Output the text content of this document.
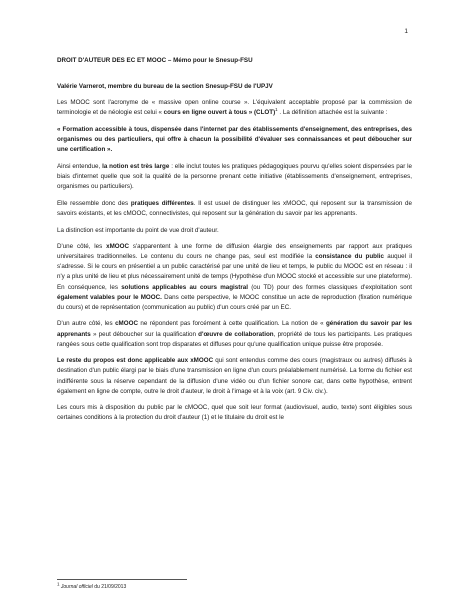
1

DROIT D'AUTEUR DES EC ET MOOC – Mémo pour le Snesup-FSU

Valérie Varnerot, membre du bureau de la section Snesup-FSU de l'UPJV

Les MOOC sont l'acronyme de « massive open online course ». L'équivalent acceptable proposé par la commission de terminologie et de néologie est celui « cours en ligne ouvert à tous » (CLOT)$^1$ . La définition attachée est la suivante :

« Formation accessible à tous, dispensée dans l'internet par des établissements d'enseignement, des entreprises, des organismes ou des particuliers, qui offre à chacun la possibilité d'évaluer ses connaissances et peut déboucher sur une certification ».

Ainsi entendue, la notion est très large : elle inclut toutes les pratiques pédagogiques pourvu qu'elles soient dispensées par le biais d'internet quelle que soit la qualité de la personne prenant cette initiative (établissements d'enseignement, entreprises, organismes ou particuliers).

Elle ressemble donc des pratiques différentes. Il est usuel de distinguer les xMOOC, qui reposent sur la transmission de savoirs existants, et les cMOOC, connectivistes, qui reposent sur la génération du savoir par les apprenants.

La distinction est importante du point de vue droit d'auteur.

D'une côté, les xMOOC s'apparentent à une forme de diffusion élargie des enseignements par rapport aux pratiques universitaires traditionnelles. Le contenu du cours ne change pas, seul est modifiée la consistance du public auquel il s'adresse. Si le cours en présentiel a un public caractérisé par une unité de lieu et temps, le public du MOOC est en réseau : il n'y a plus unité de lieu et plus nécessairement unité de temps (Hypothèse d'un MOOC stocké et accessible sur une plateforme). En conséquence, les solutions applicables au cours magistral (ou TD) pour des formes classiques d'exploitation sont également valables pour le MOOC. Dans cette perspective, le MOOC constitue un acte de reproduction (fixation numérique du cours) et de représentation (communication au public) d'un cours créé par un EC.

D'un autre côté, les cMOOC ne répondent pas forcément à cette qualification. La notion de « génération du savoir par les apprenants » peut déboucher sur la qualification d'œuvre de collaboration, propriété de tous les participants. Les pratiques rangées sous cette qualification sont trop disparates et diffuses pour qu'une qualification unique puisse être proposée.

Le reste du propos est donc applicable aux xMOOC qui sont entendus comme des cours (magistraux ou autres) diffusés à destination d'un public élargi par le biais d'une transmission en ligne d'un cours préalablement numérisé. La forme du fichier est indifférente sous la réserve cependant de la diffusion d'une vidéo ou d'un fichier sonore car, dans cette hypothèse, entrent également en ligne de compte, outre le droit d'auteur, le droit à l'image et à la voix (art. 9 Civ. civ.).

Les cours mis à disposition du public par le cMOOC, quel que soit leur format (audiovisuel, audio, texte) sont éligibles sous certaines conditions à la protection du droit d'auteur (1) et le titulaire du droit est le

$^1$ Journal officiel du 21/09/2013
